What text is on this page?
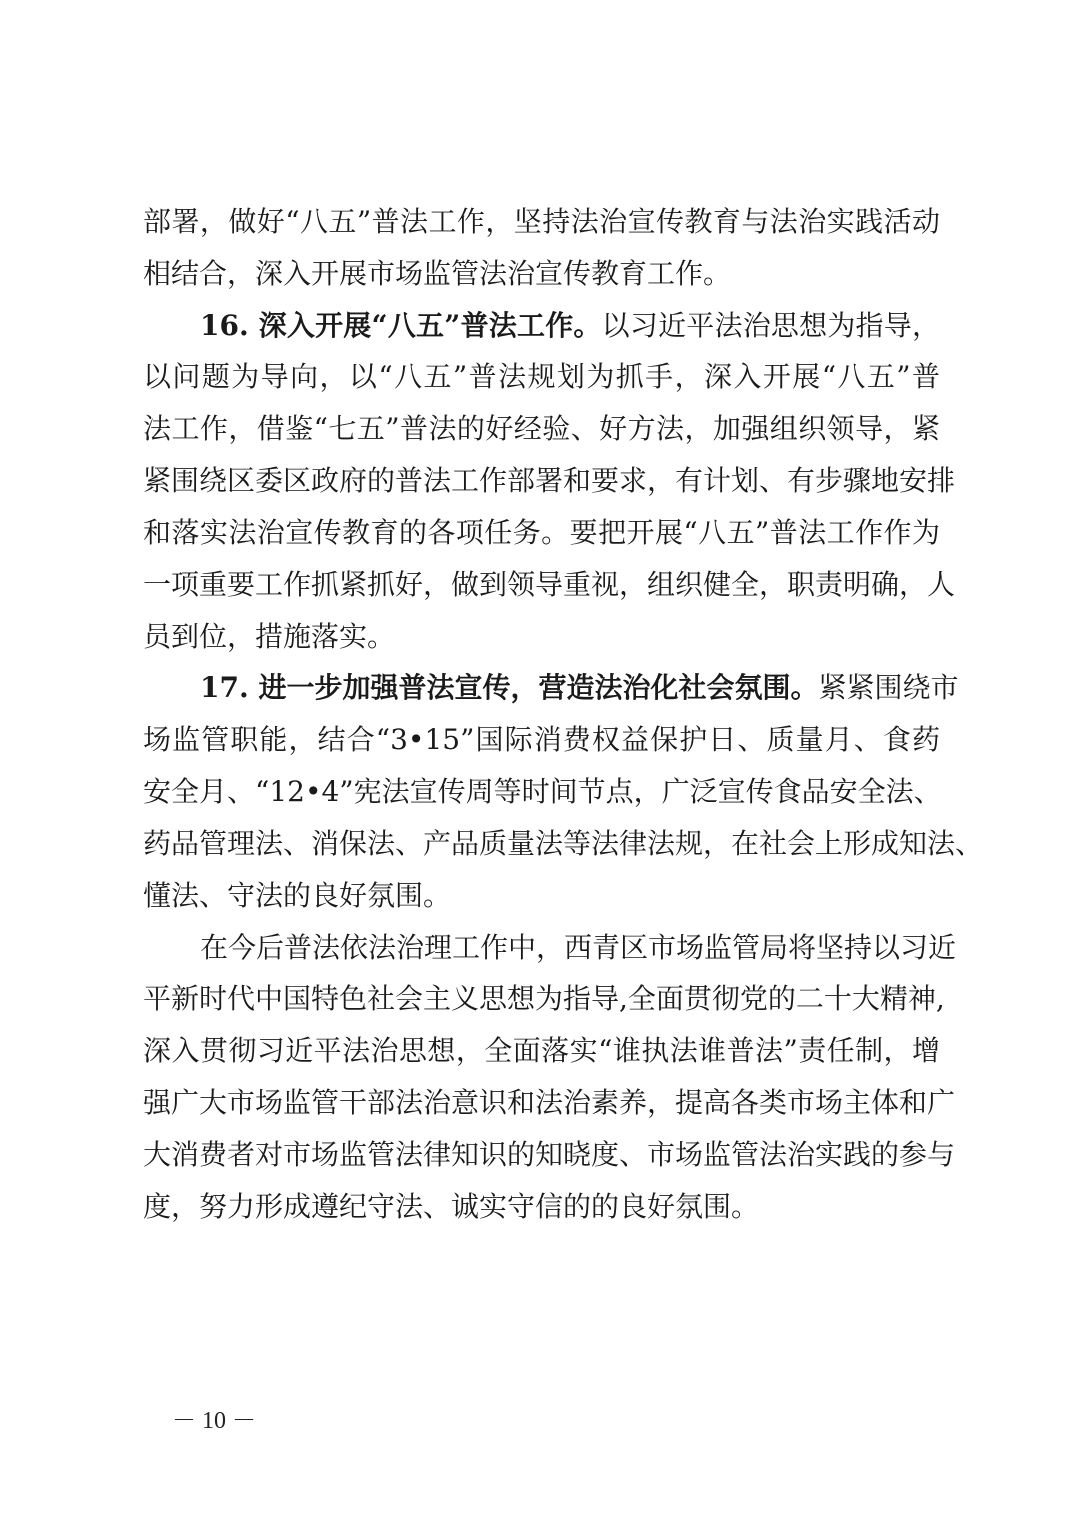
部署，做好“八五”普法工作，坚持法治宣传教育与法治实践活动
相结合，深入开展市场监管法治宣传教育工作。
16. 深入开展“八五”普法工作。以习近平法治思想为指导，
以问题为导向，以“八五”普法规划为抓手，深入开展“八五”普
法工作，借鉴“七五”普法的好经验、好方法，加强组织领导，紧
紧围绕区委区政府的普法工作部署和要求，有计划、有步骤地安排
和落实法治宣传教育的各项任务。要把开展“八五”普法工作作为
一项重要工作抓紧抓好，做到领导重视，组织健全，职责明确，人
员到位，措施落实。
17. 进一步加强普法宣传，营造法治化社会氛围。紧紧围绕市
场监管职能，结合“3•15”国际消费权益保护日、质量月、食药
安全月、“12•4”宪法宣传周等时间节点，广泛宣传食品安全法、
药品管理法、消保法、产品质量法等法律法规，在社会上形成知法、
懂法、守法的良好氛围。
在今后普法依法治理工作中，西青区市场监管局将坚持以习近
平新时代中国特色社会主义思想为指导,全面贯彻党的二十大精神,
深入贯彻习近平法治思想，全面落实“谁执法谁普法”责任制，增
强广大市场监管干部法治意识和法治素养，提高各类市场主体和广
大消费者对市场监管法律知识的知晓度、市场监管法治实践的参与
度，努力形成遵纪守法、诚实守信的的良好氛围。
－ 10 －
